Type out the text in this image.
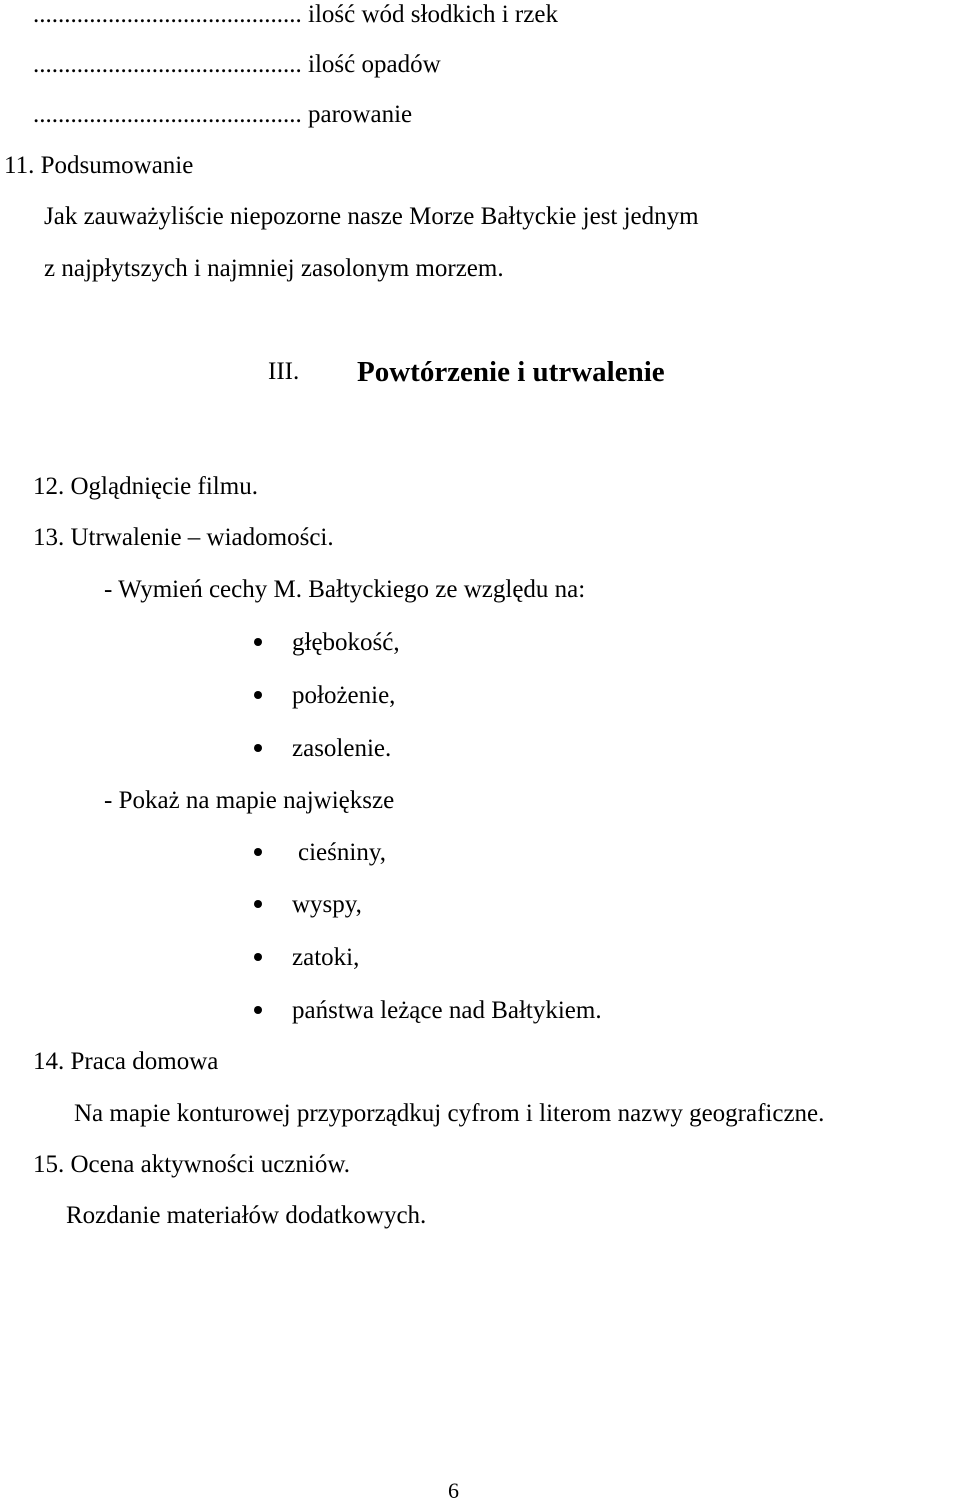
........................................... ilość wód słodkich i rzek
........................................... ilość opadów
........................................... parowanie
11. Podsumowanie
Jak zauważyliście niepozorne nasze Morze Bałtyckie jest jednym
z najpłytszych i najmniej zasolonym morzem.
III. Powtórzenie i utrwalenie
12. Oglądnięcie filmu.
13. Utrwalenie – wiadomości.
- Wymień cechy M. Bałtyckiego ze względu na:
głębokość,
położenie,
zasolenie.
- Pokaż na mapie największe
cieśniny,
wyspy,
zatoki,
państwa leżące nad Bałtykiem.
14. Praca domowa
Na mapie konturowej przyporządkuj cyfrom i literom nazwy geograficzne.
15. Ocena aktywności uczniów.
Rozdanie materiałów dodatkowych.
6
